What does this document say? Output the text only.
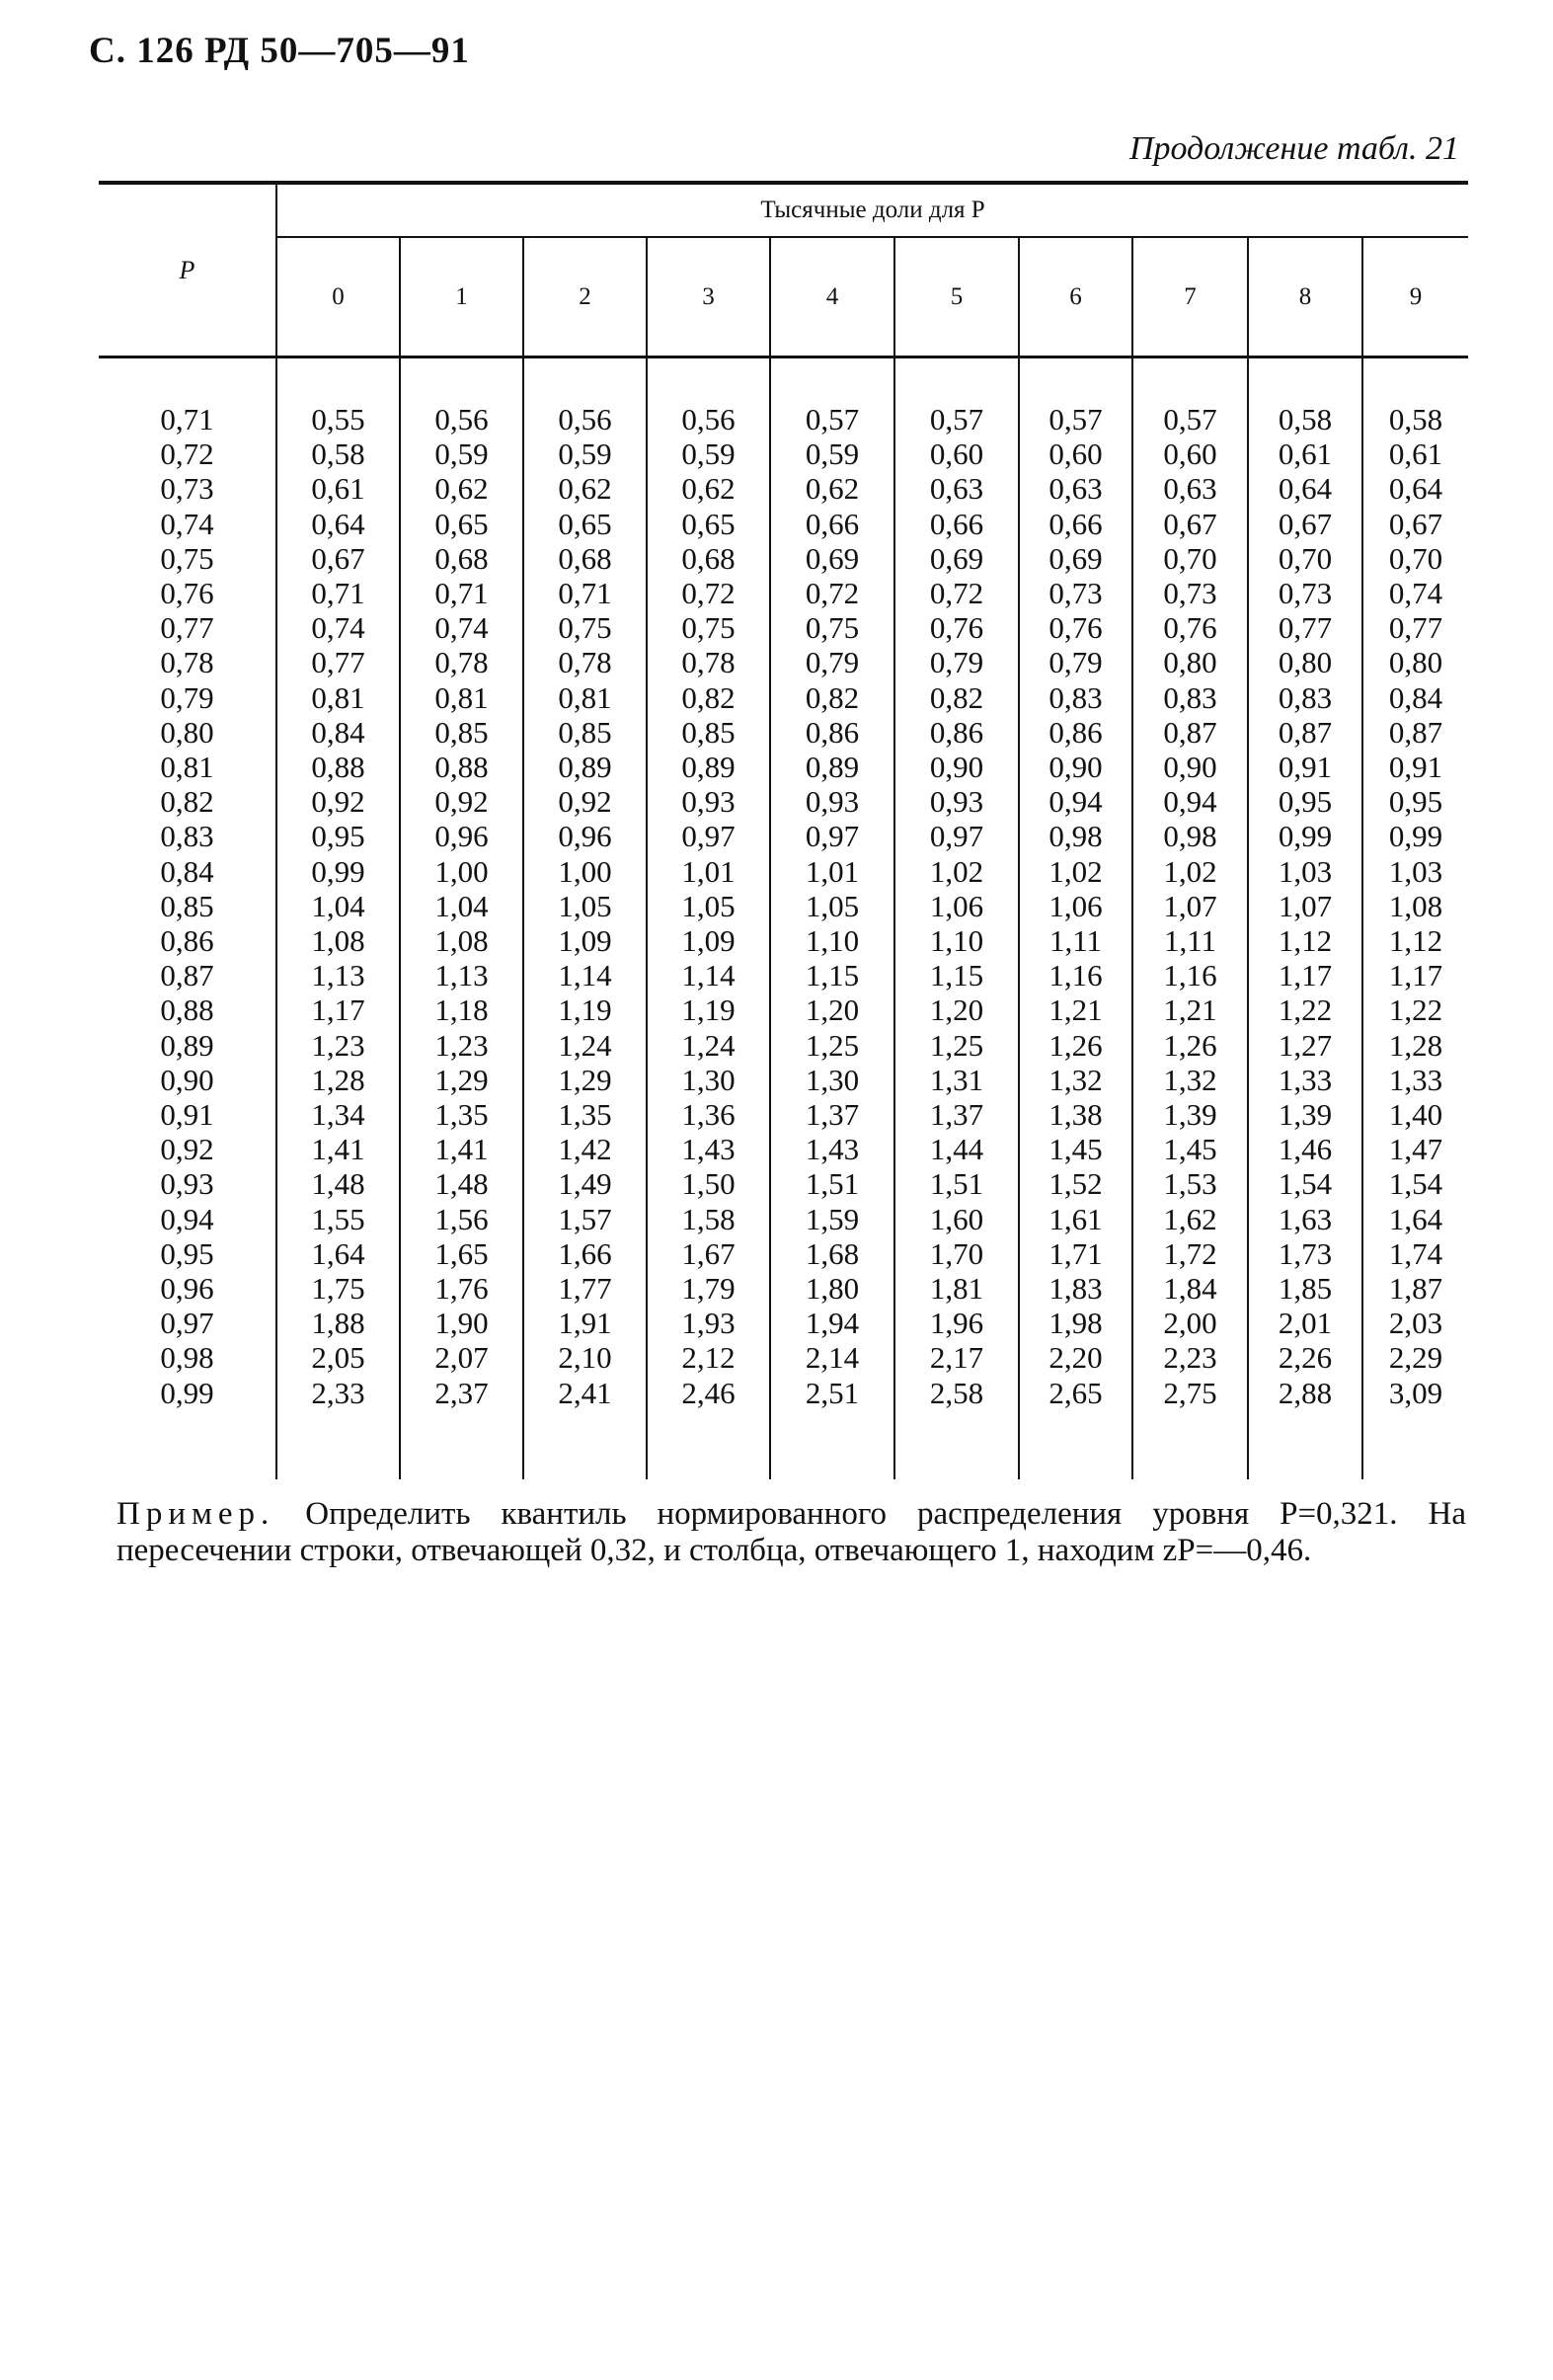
С. 126 РД 50—705—91
Продолжение табл. 21
P	Тысячные доли для P									
	0	1	2	3	4	5	6	7	8	9
0,71	0,55	0,56	0,56	0,56	0,57	0,57	0,57	0,57	0,58	0,58
0,72	0,58	0,59	0,59	0,59	0,59	0,60	0,60	0,60	0,61	0,61
0,73	0,61	0,62	0,62	0,62	0,62	0,63	0,63	0,63	0,64	0,64
0,74	0,64	0,65	0,65	0,65	0,66	0,66	0,66	0,67	0,67	0,67
0,75	0,67	0,68	0,68	0,68	0,69	0,69	0,69	0,70	0,70	0,70
0,76	0,71	0,71	0,71	0,72	0,72	0,72	0,73	0,73	0,73	0,74
0,77	0,74	0,74	0,75	0,75	0,75	0,76	0,76	0,76	0,77	0,77
0,78	0,77	0,78	0,78	0,78	0,79	0,79	0,79	0,80	0,80	0,80
0,79	0,81	0,81	0,81	0,82	0,82	0,82	0,83	0,83	0,83	0,84
0,80	0,84	0,85	0,85	0,85	0,86	0,86	0,86	0,87	0,87	0,87
0,81	0,88	0,88	0,89	0,89	0,89	0,90	0,90	0,90	0,91	0,91
0,82	0,92	0,92	0,92	0,93	0,93	0,93	0,94	0,94	0,95	0,95
0,83	0,95	0,96	0,96	0,97	0,97	0,97	0,98	0,98	0,99	0,99
0,84	0,99	1,00	1,00	1,01	1,01	1,02	1,02	1,02	1,03	1,03
0,85	1,04	1,04	1,05	1,05	1,05	1,06	1,06	1,07	1,07	1,08
0,86	1,08	1,08	1,09	1,09	1,10	1,10	1,11	1,11	1,12	1,12
0,87	1,13	1,13	1,14	1,14	1,15	1,15	1,16	1,16	1,17	1,17
0,88	1,17	1,18	1,19	1,19	1,20	1,20	1,21	1,21	1,22	1,22
0,89	1,23	1,23	1,24	1,24	1,25	1,25	1,26	1,26	1,27	1,28
0,90	1,28	1,29	1,29	1,30	1,30	1,31	1,32	1,32	1,33	1,33
0,91	1,34	1,35	1,35	1,36	1,37	1,37	1,38	1,39	1,39	1,40
0,92	1,41	1,41	1,42	1,43	1,43	1,44	1,45	1,45	1,46	1,47
0,93	1,48	1,48	1,49	1,50	1,51	1,51	1,52	1,53	1,54	1,54
0,94	1,55	1,56	1,57	1,58	1,59	1,60	1,61	1,62	1,63	1,64
0,95	1,64	1,65	1,66	1,67	1,68	1,70	1,71	1,72	1,73	1,74
0,96	1,75	1,76	1,77	1,79	1,80	1,81	1,83	1,84	1,85	1,87
0,97	1,88	1,90	1,91	1,93	1,94	1,96	1,98	2,00	2,01	2,03
0,98	2,05	2,07	2,10	2,12	2,14	2,17	2,20	2,23	2,26	2,29
0,99	2,33	2,37	2,41	2,46	2,51	2,58	2,65	2,75	2,88	3,09

Пример. Определить квантиль нормированного распределения уровня P=0,321. На пересечении строки, отвечающей 0,32, и столбца, отвечающего 1, находим zP=—0,46.
